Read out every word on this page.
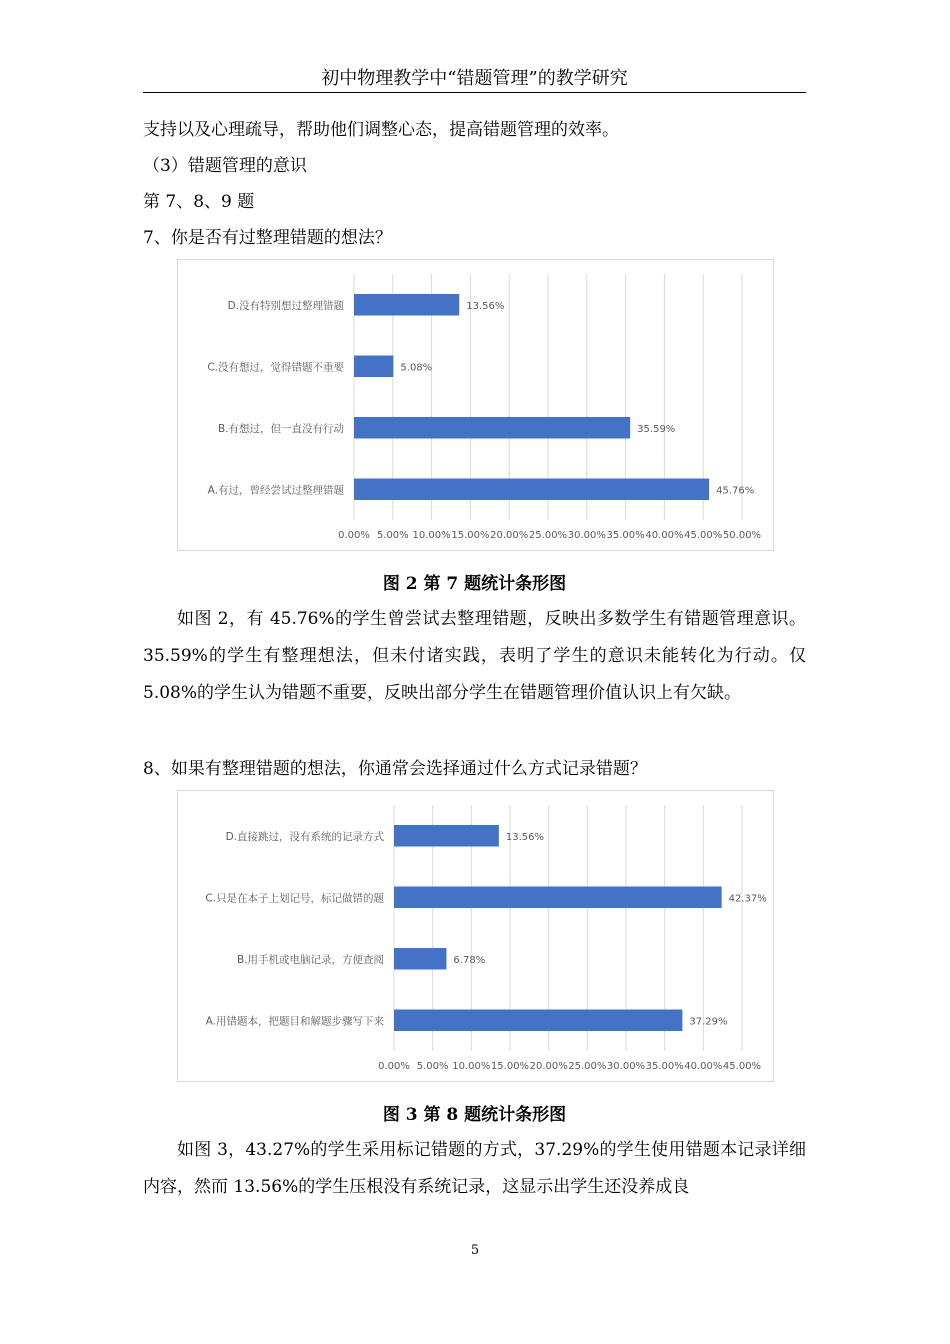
初中物理教学中“错题管理”的教学研究
支持以及心理疏导，帮助他们调整心态，提高错题管理的效率。
（3）错题管理的意识
第 7、8、9 题
7、你是否有过整理错题的想法？
0.00% 5.00% 10.00% 15.00% 20.00% 25.00% 30.00% 35.00% 40.00% 45.00% 50.00%
D.没有特别想过整理错题	13.56%
C.没有想过，觉得错题不重要	5.08%
B.有想过，但一直没有行动	35.59%
A.有过，曾经尝试过整理错题	45.76%
图 2 第 7 题统计条形图
如图 2，有 45.76%的学生曾尝试去整理错题，反映出多数学生有错题管理意识。35.59%的学生有整理想法，但未付诸实践，表明了学生的意识未能转化为行动。仅 5.08%的学生认为错题不重要，反映出部分学生在错题管理价值认识上有欠缺。
8、如果有整理错题的想法，你通常会选择通过什么方式记录错题？
0.00% 5.00% 10.00% 15.00% 20.00% 25.00% 30.00% 35.00% 40.00% 45.00%
D.直接跳过，没有系统的记录方式	13.56%
C.只是在本子上划记号，标记做错的题	42.37%
B.用手机或电脑记录，方便查阅	6.78%
A.用错题本，把题目和解题步骤写下来	37.29%
图 3 第 8 题统计条形图
如图 3，43.27%的学生采用标记错题的方式，37.29%的学生使用错题本记录详细内容，然而 13.56%的学生压根没有系统记录，这显示出学生还没养成良
5
